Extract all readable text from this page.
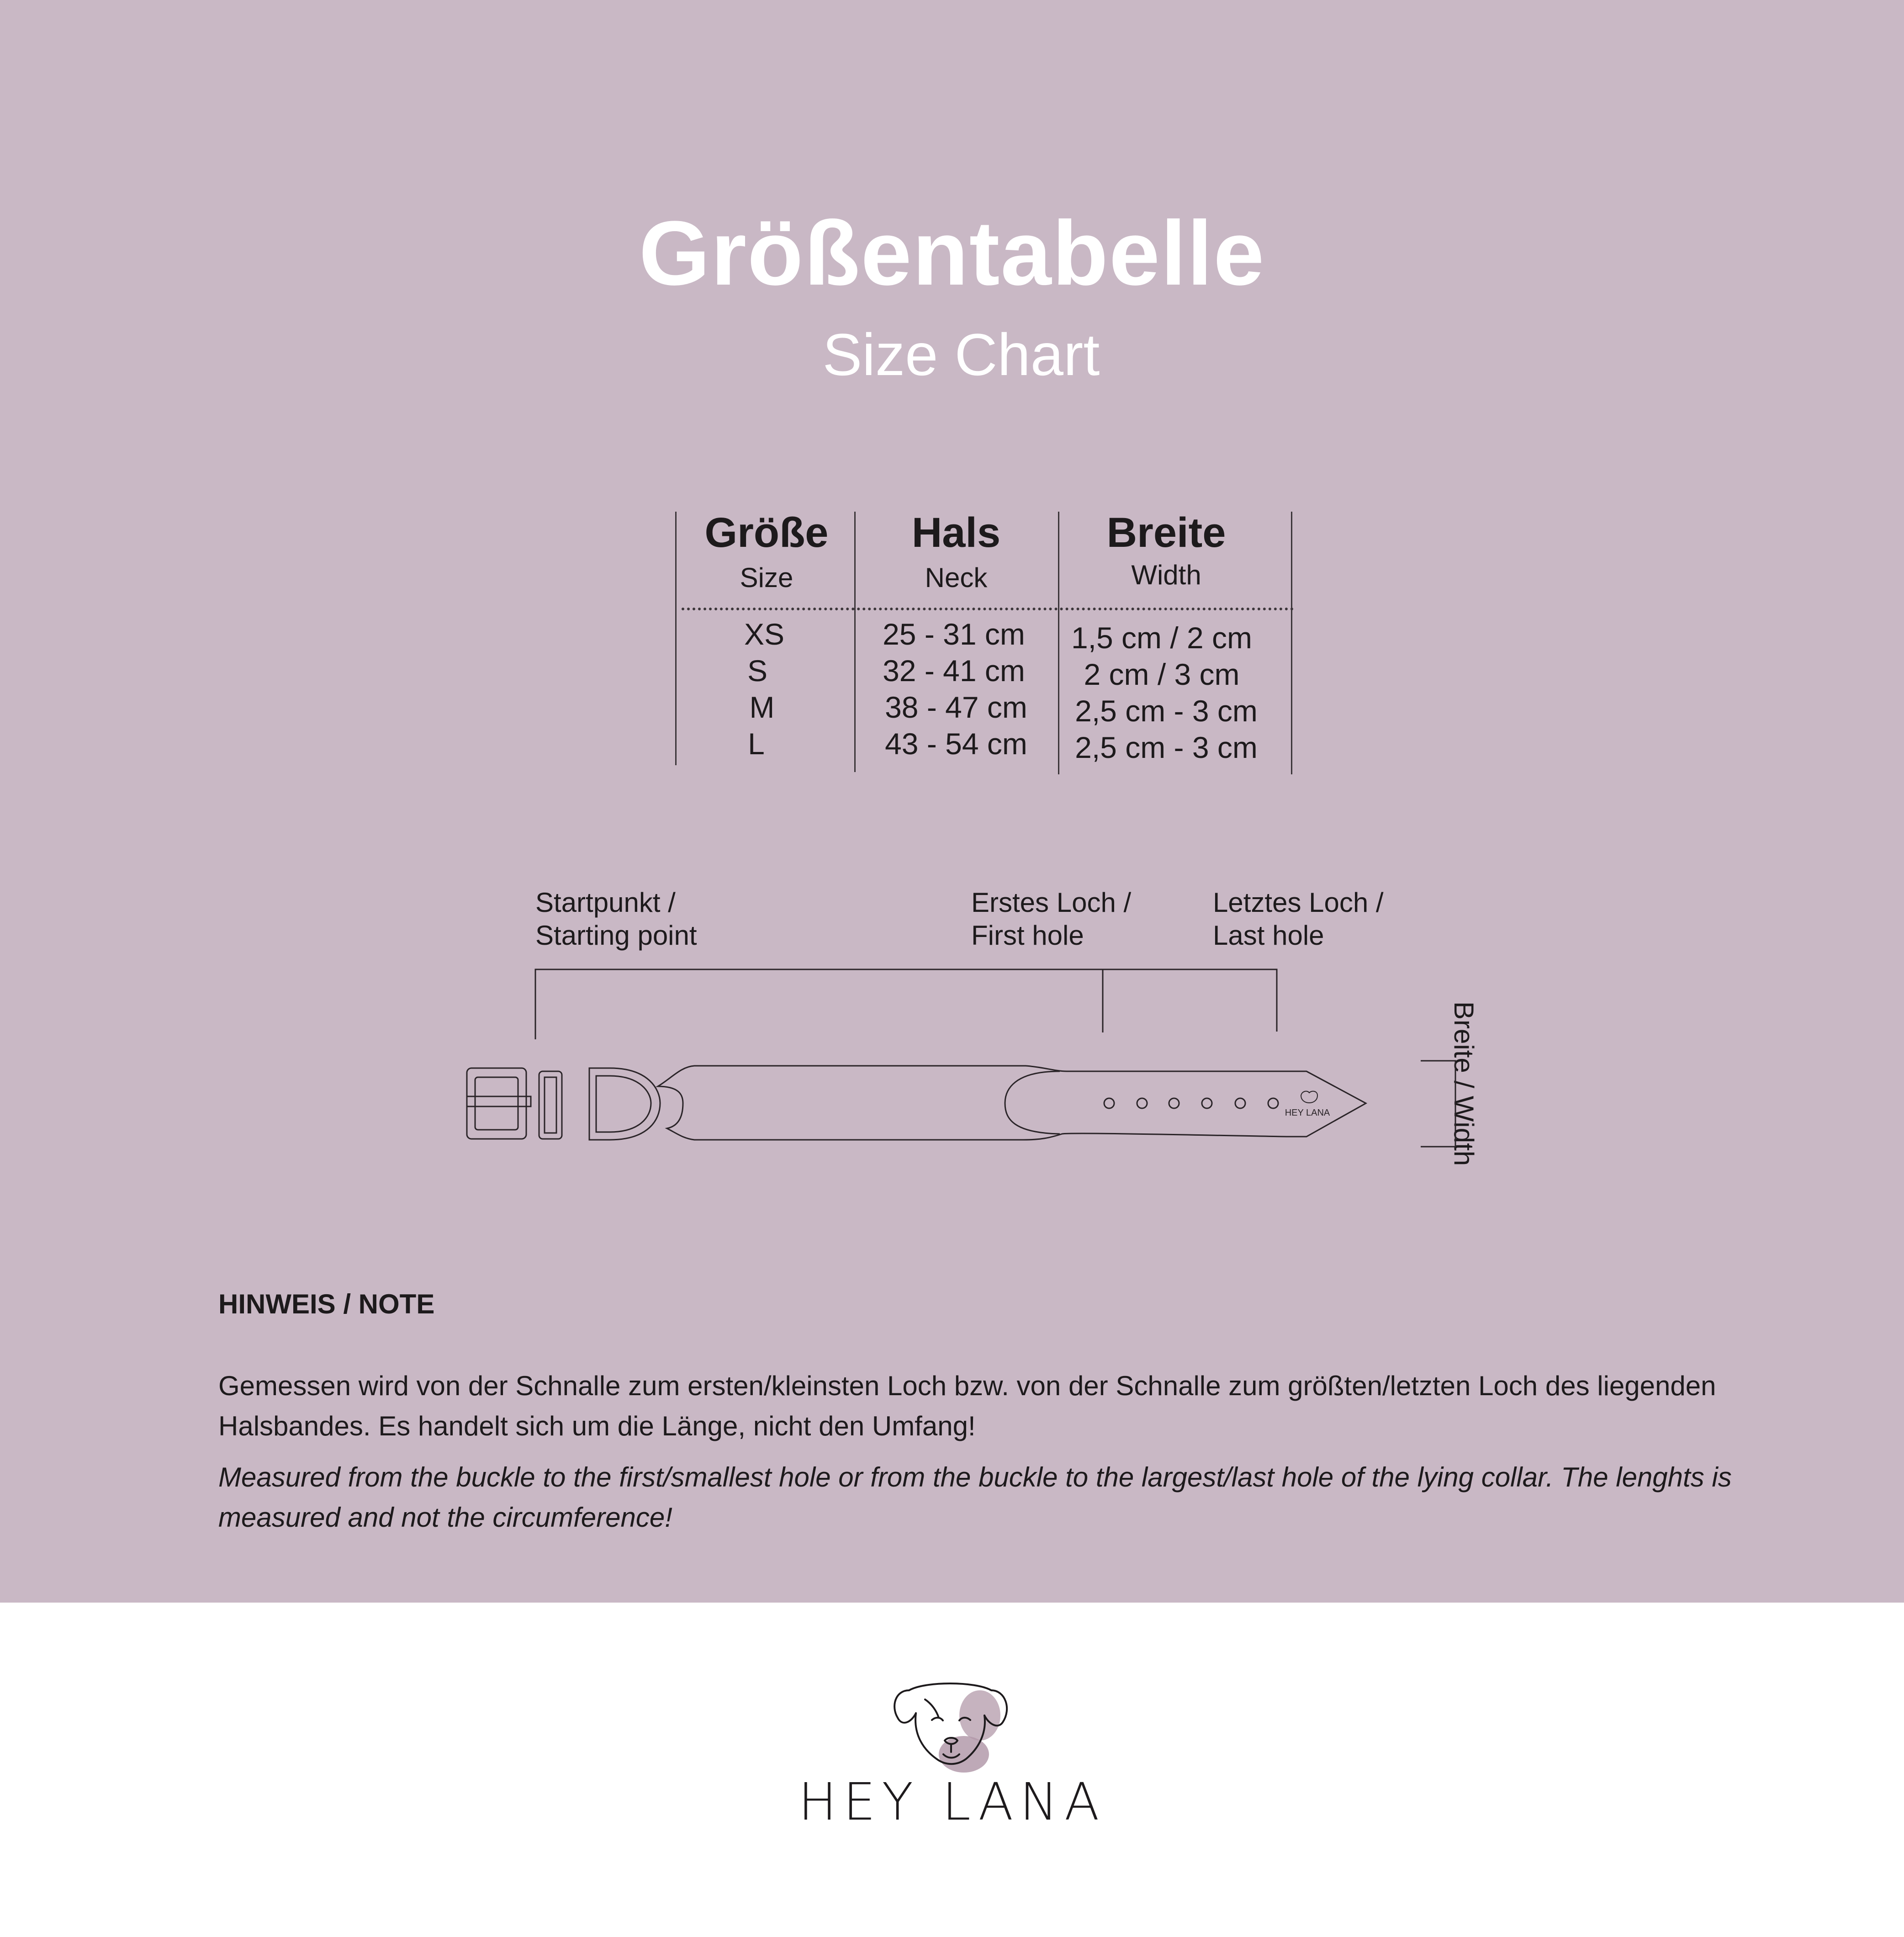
Größentabelle
Size Chart
Größe
Size
Hals
Neck
Breite
Width
XS
S
M
L
25 - 31 cm
32 - 41 cm
38 - 47 cm
43 - 54 cm
1,5 cm / 2 cm
2 cm / 3 cm
2,5 cm - 3 cm
2,5 cm - 3 cm
Startpunkt /
Starting point
Erstes Loch /
First hole
Letztes Loch /
Last hole
Breite / Width
HEY LANA
HINWEIS / NOTE
Gemessen wird von der Schnalle zum ersten/kleinsten Loch bzw. von der Schnalle zum größten/letzten Loch des liegenden Halsbandes. Es handelt sich um die Länge, nicht den Umfang!
Measured from the buckle to the first/smallest hole or from the buckle to the largest/last hole of the lying collar. The lenghts is measured and not the circumference!
HEY LANA
